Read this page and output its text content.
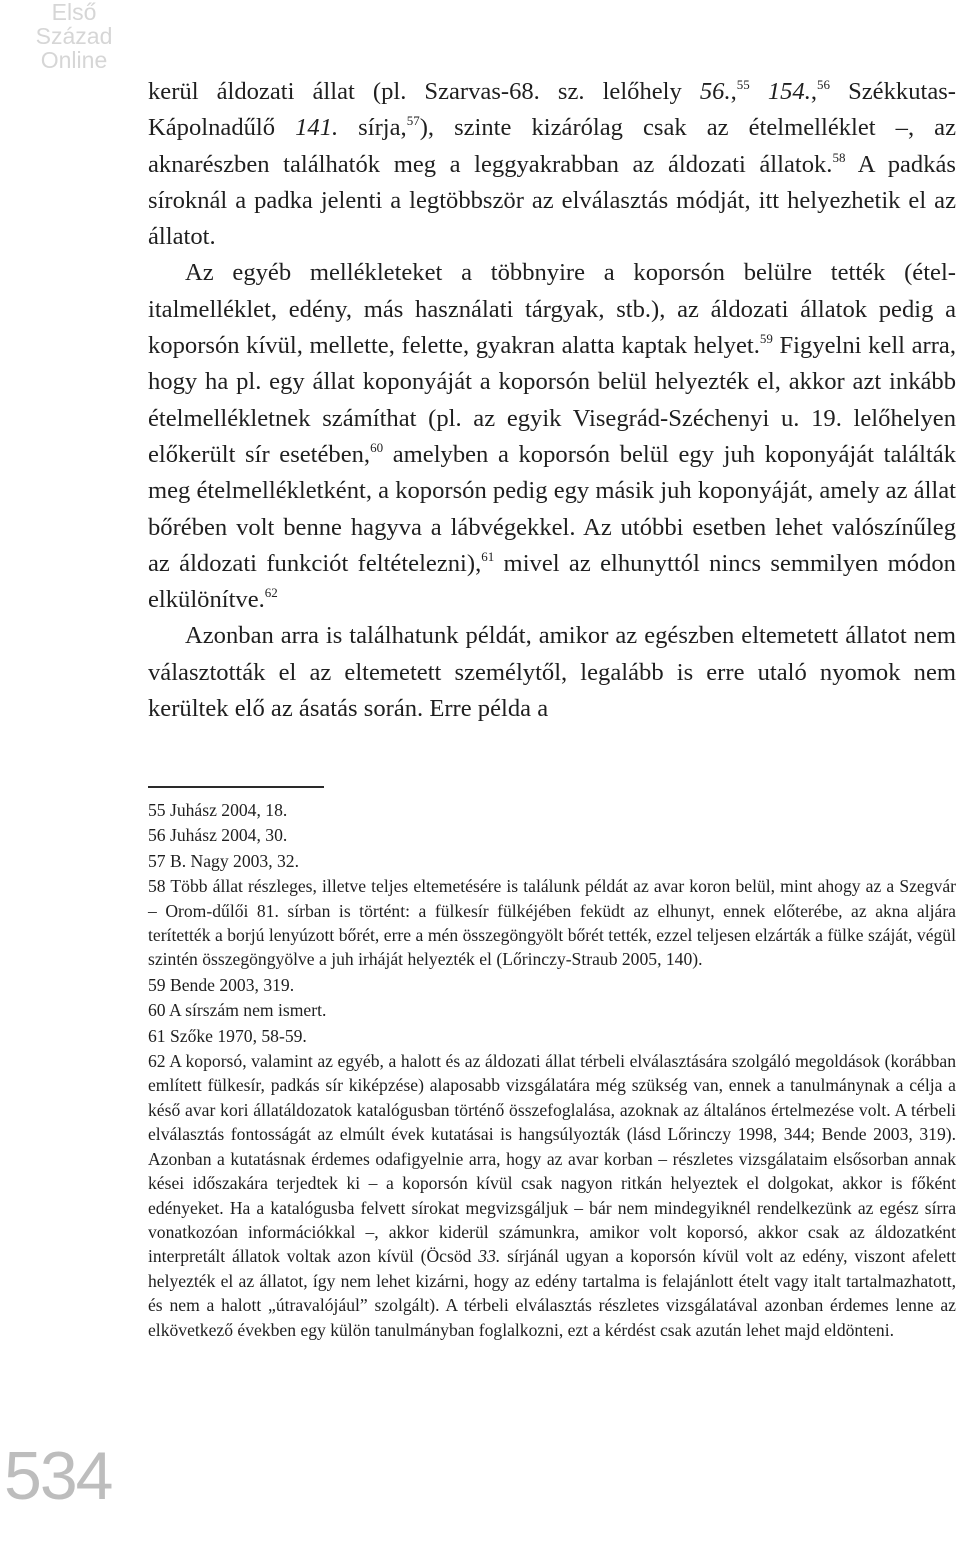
Első
Század
Online

kerül áldozati állat (pl. Szarvas-68. sz. lelőhely 56.,$^{55}$ 154.,$^{56}$ Székkutas-Kápolnadűlő 141. sírja,$^{57}$), szinte kizárólag csak az ételmelléklet –, az aknarészben találhatók meg a leggyakrabban az áldozati állatok.$^{58}$ A padkás síroknál a padka jelenti a legtöbbször az elválasztás módját, itt helyezhetik el az állatot.

Az egyéb mellékleteket a többnyire a koporsón belülre tették (étel-italmelléklet, edény, más használati tárgyak, stb.), az áldozati állatok pedig a koporsón kívül, mellette, felette, gyakran alatta kaptak helyet.$^{59}$ Figyelni kell arra, hogy ha pl. egy állat koponyáját a koporsón belül helyezték el, akkor azt inkább ételmellékletnek számíthat (pl. az egyik Visegrád-Széchenyi u. 19. lelőhelyen előkerült sír esetében,$^{60}$ amelyben a koporsón belül egy juh koponyáját találták meg ételmellékletként, a koporsón pedig egy másik juh koponyáját, amely az állat bőrében volt benne hagyva a lábvégekkel. Az utóbbi esetben lehet valószínűleg az áldozati funkciót feltételezni),$^{61}$ mivel az elhunyttól nincs semmilyen módon elkülönítve.$^{62}$

Azonban arra is találhatunk példát, amikor az egészben eltemetett állatot nem választották el az eltemetett személytől, legalább is erre utaló nyomok nem kerültek elő az ásatás során. Erre példa a

55 Juhász 2004, 18.

56 Juhász 2004, 30.

57 B. Nagy 2003, 32.

58 Több állat részleges, illetve teljes eltemetésére is találunk példát az avar koron belül, mint ahogy az a Szegvár – Orom-dűlői 81. sírban is történt: a fülkesír fülkéjében feküdt az elhunyt, ennek előterébe, az akna aljára terítették a borjú lenyúzott bőrét, erre a mén összegöngyölt bőrét tették, ezzel teljesen elzárták a fülke száját, végül szintén összegöngyölve a juh irháját helyezték el (Lőrinczy-Straub 2005, 140).

59 Bende 2003, 319.

60 A sírszám nem ismert.

61 Szőke 1970, 58-59.

62 A koporsó, valamint az egyéb, a halott és az áldozati állat térbeli elválasztására szolgáló megoldások (korábban említett fülkesír, padkás sír kiképzése) alaposabb vizsgálatára még szükség van, ennek a tanulmánynak a célja a késő avar kori állatáldozatok katalógusban történő összefoglalása, azoknak az általános értelmezése volt. A térbeli elválasztás fontosságát az elmúlt évek kutatásai is hangsúlyozták (lásd Lőrinczy 1998, 344; Bende 2003, 319). Azonban a kutatásnak érdemes odafigyelnie arra, hogy az avar korban – részletes vizsgálataim elsősorban annak kései időszakára terjedtek ki – a koporsón kívül csak nagyon ritkán helyeztek el dolgokat, akkor is főként edényeket. Ha a katalógusba felvett sírokat megvizsgáljuk – bár nem mindegyiknél rendelkezünk az egész sírra vonatkozóan információkkal –, akkor kiderül számunkra, amikor volt koporsó, akkor csak az áldozatként interpretált állatok voltak azon kívül (Öcsöd 33. sírjánál ugyan a koporsón kívül volt az edény, viszont afelett helyezték el az állatot, így nem lehet kizárni, hogy az edény tartalma is felajánlott ételt vagy italt tartalmazhatott, és nem a halott „útravalójául” szolgált). A térbeli elválasztás részletes vizsgálatával azonban érdemes lenne az elkövetkező években egy külön tanulmányban foglalkozni, ezt a kérdést csak azután lehet majd eldönteni.

534
